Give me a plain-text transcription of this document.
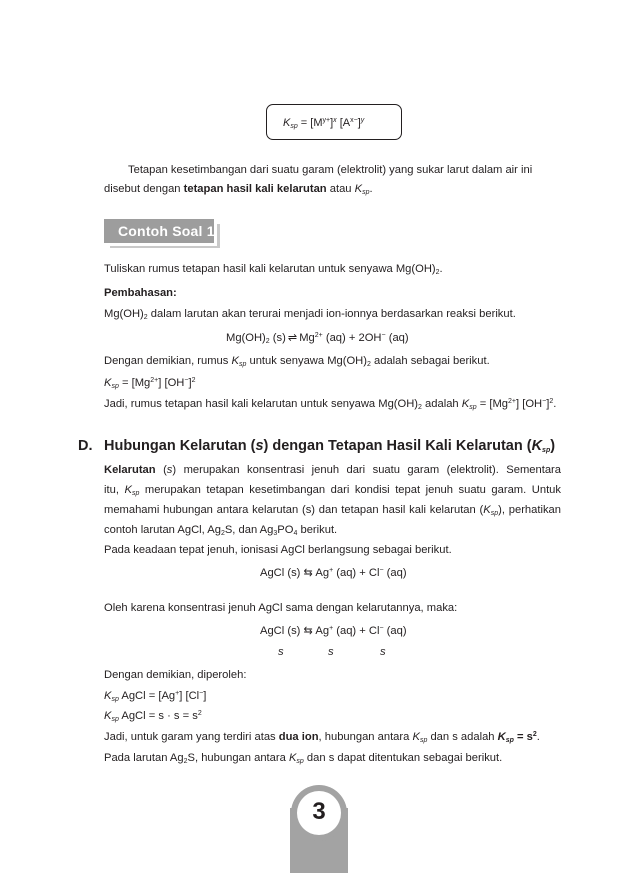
$K_{sp} = [M^{y+}]^x$ $[A^{x-}]^y$
Tetapan kesetimbangan dari suatu garam (elektrolit) yang sukar larut dalam air ini
disebut dengan tetapan hasil kali kelarutan atau $K_{sp}$.
Contoh Soal 1
Tuliskan rumus tetapan hasil kali kelarutan untuk senyawa $Mg(OH)_2$.
Pembahasan:
$Mg(OH)_2$ dalam larutan akan terurai menjadi ion-ionnya berdasarkan reaksi berikut.
$Mg(OH)_2$ (s) ⇌ $Mg^{2+}$ (aq) + 2OH− (aq)
Dengan demikian, rumus $K_{sp}$ untuk senyawa $Mg(OH)_2$ adalah sebagai berikut.
$K_{sp} = [Mg^{2+}]$ $[OH^-]^2$
Jadi, rumus tetapan hasil kali kelarutan untuk senyawa $Mg(OH)_2$ adalah $K_{sp} = [Mg^{2+}]$ $[OH^-]^2$.
D. Hubungan Kelarutan (s) dengan Tetapan Hasil Kali Kelarutan $(K_{sp})$
Kelarutan (s) merupakan konsentrasi jenuh dari suatu garam (elektrolit). Sementara
itu, $K_{sp}$ merupakan tetapan kesetimbangan dari kondisi tepat jenuh suatu garam. Untuk
memahami hubungan antara kelarutan (s) dan tetapan hasil kali kelarutan $(K_{sp})$, perhatikan
contoh larutan AgCl, $Ag_2S$, dan $Ag_3PO_4$ berikut.
Pada keadaan tepat jenuh, ionisasi AgCl berlangsung sebagai berikut.
AgCl (s) ⇆ Ag+ (aq) + Cl− (aq)
Oleh karena konsentrasi jenuh AgCl sama dengan kelarutannya, maka:
AgCl (s) ⇆ Ag+ (aq) + Cl− (aq)
s	s	s
Dengan demikian, diperoleh:
$K_{sp}$ AgCl = [Ag+] [Cl−]
$K_{sp}$ AgCl = $s \cdot s = s^2$
Jadi, untuk garam yang terdiri atas dua ion, hubungan antara $K_{sp}$ dan s adalah $K_{sp} = s^2$.
Pada larutan $Ag_2S$, hubungan antara $K_{sp}$ dan s dapat ditentukan sebagai berikut.
3
